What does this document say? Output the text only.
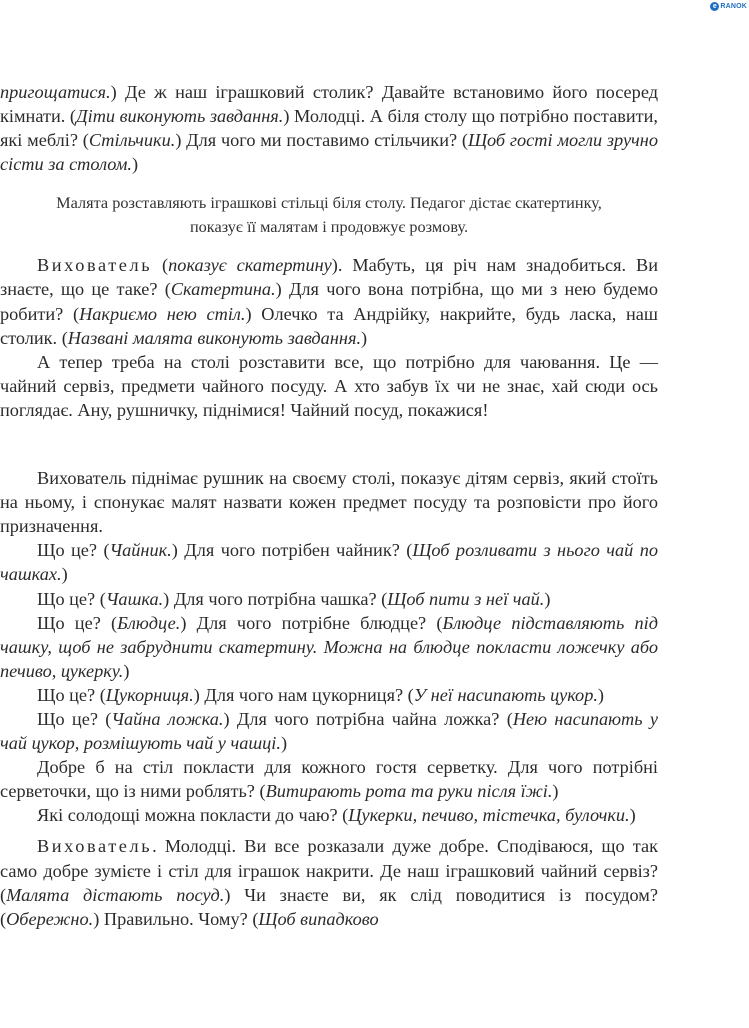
e RANOK

пригощатися.) Де ж наш іграшковий столик? Давайте встановимо його посеред кімнати. (Діти виконують завдання.) Молодці. А біля столу що потрібно поставити, які меблі? (Стільчики.) Для чого ми поставимо стільчики? (Щоб гості могли зручно сісти за столом.)

Малята розставляють іграшкові стільці біля столу. Педагог дістає скатертинку, показує її малятам і продовжує розмову.

Вихователь (показує скатертину). Мабуть, ця річ нам знадобиться. Ви знаєте, що це таке? (Скатертина.) Для чого вона потрібна, що ми з нею будемо робити? (Накриємо нею стіл.) Олечко та Андрійку, накрийте, будь ласка, наш столик. (Названі малята виконують завдання.)

А тепер треба на столі розставити все, що потрібно для чаювання. Це — чайний сервіз, предмети чайного посуду. А хто забув їх чи не знає, хай сюди ось поглядає. Ану, рушничку, піднімися! Чайний посуд, покажися!

Вихователь піднімає рушник на своєму столі, показує дітям сервіз, який стоїть на ньому, і спонукає малят назвати кожен предмет посуду та розповісти про його призначення.

Що це? (Чайник.) Для чого потрібен чайник? (Щоб розливати з нього чай по чашках.)

Що це? (Чашка.) Для чого потрібна чашка? (Щоб пити з неї чай.)

Що це? (Блюдце.) Для чого потрібне блюдце? (Блюдце підставляють під чашку, щоб не забруднити скатертину. Можна на блюдце покласти ложечку або печиво, цукерку.)

Що це? (Цукорниця.) Для чого нам цукорниця? (У неї насипають цукор.)

Що це? (Чайна ложка.) Для чого потрібна чайна ложка? (Нею насипають у чай цукор, розмішують чай у чашці.)

Добре б на стіл покласти для кожного гостя серветку. Для чого потрібні серветочки, що із ними роблять? (Витирають рота та руки після їжі.)

Які солодощі можна покласти до чаю? (Цукерки, печиво, тістечка, булочки.)

Вихователь. Молодці. Ви все розказали дуже добре. Сподіваюся, що так само добре зумієте і стіл для іграшок накрити. Де наш іграшковий чайний сервіз? (Малята дістають посуд.) Чи знаєте ви, як слід поводитися із посудом? (Обережно.) Правильно. Чому? (Щоб випадково
